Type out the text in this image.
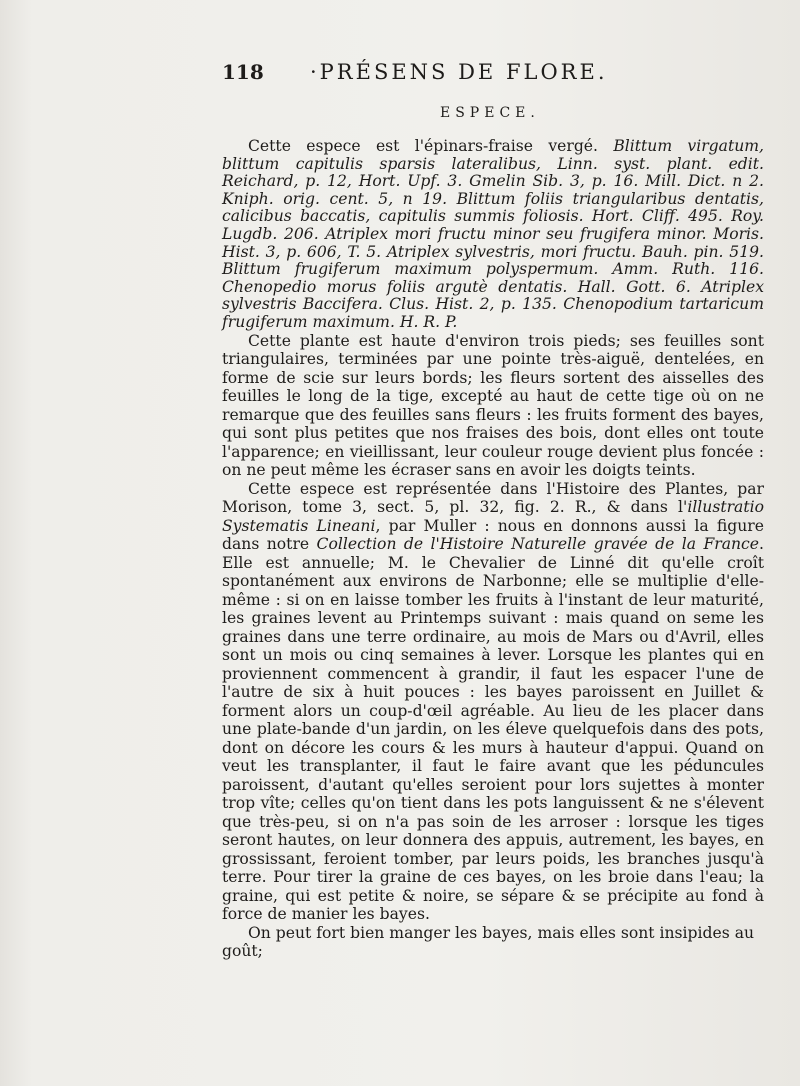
118 ·PRÉSENS DE FLORE.
ESPECE.

Cette espece est l'épinars-fraise vergé. Blittum virgatum, blittum capitulis sparsis lateralibus, Linn. syst. plant. edit. Reichard, p. 12, Hort. Upf. 3. Gmelin Sib. 3, p. 16. Mill. Dict. n 2. Kniph. orig. cent. 5, n 19. Blittum foliis triangularibus dentatis, calicibus baccatis, capitulis summis foliosis. Hort. Cliff. 495. Roy. Lugdb. 206. Atriplex mori fructu minor seu frugifera minor. Moris. Hist. 3, p. 606, T. 5. Atriplex sylvestris, mori fructu. Bauh. pin. 519. Blittum frugiferum maximum polyspermum. Amm. Ruth. 116. Chenopedio morus foliis argutè dentatis. Hall. Gott. 6. Atriplex sylvestris Baccifera. Clus. Hist. 2, p. 135. Chenopodium tartaricum frugiferum maximum. H. R. P.

Cette plante est haute d'environ trois pieds; ses feuilles sont triangulaires, terminées par une pointe très-aiguë, dentelées, en forme de scie sur leurs bords; les fleurs sortent des aisselles des feuilles le long de la tige, excepté au haut de cette tige où on ne remarque que des feuilles sans fleurs : les fruits forment des bayes, qui sont plus petites que nos fraises des bois, dont elles ont toute l'apparence; en vieillissant, leur couleur rouge devient plus foncée : on ne peut même les écraser sans en avoir les doigts teints.

Cette espece est représentée dans l'Histoire des Plantes, par Morison, tome 3, sect. 5, pl. 32, fig. 2. R., & dans l'illustratio Systematis Lineani, par Muller : nous en donnons aussi la figure dans notre Collection de l'Histoire Naturelle gravée de la France. Elle est annuelle; M. le Chevalier de Linné dit qu'elle croît spontanément aux environs de Narbonne; elle se multiplie d'elle-même : si on en laisse tomber les fruits à l'instant de leur maturité, les graines levent au Printemps suivant : mais quand on seme les graines dans une terre ordinaire, au mois de Mars ou d'Avril, elles sont un mois ou cinq semaines à lever. Lorsque les plantes qui en proviennent commencent à grandir, il faut les espacer l'une de l'autre de six à huit pouces : les bayes paroissent en Juillet & forment alors un coup-d'œil agréable. Au lieu de les placer dans une plate-bande d'un jardin, on les éleve quelquefois dans des pots, dont on décore les cours & les murs à hauteur d'appui. Quand on veut les transplanter, il faut le faire avant que les péduncules paroissent, d'autant qu'elles seroient pour lors sujettes à monter trop vîte; celles qu'on tient dans les pots languissent & ne s'élevent que très-peu, si on n'a pas soin de les arroser : lorsque les tiges seront hautes, on leur donnera des appuis, autrement, les bayes, en grossissant, feroient tomber, par leurs poids, les branches jusqu'à terre. Pour tirer la graine de ces bayes, on les broie dans l'eau; la graine, qui est petite & noire, se sépare & se précipite au fond à force de manier les bayes.

On peut fort bien manger les bayes, mais elles sont insipides au goût;
